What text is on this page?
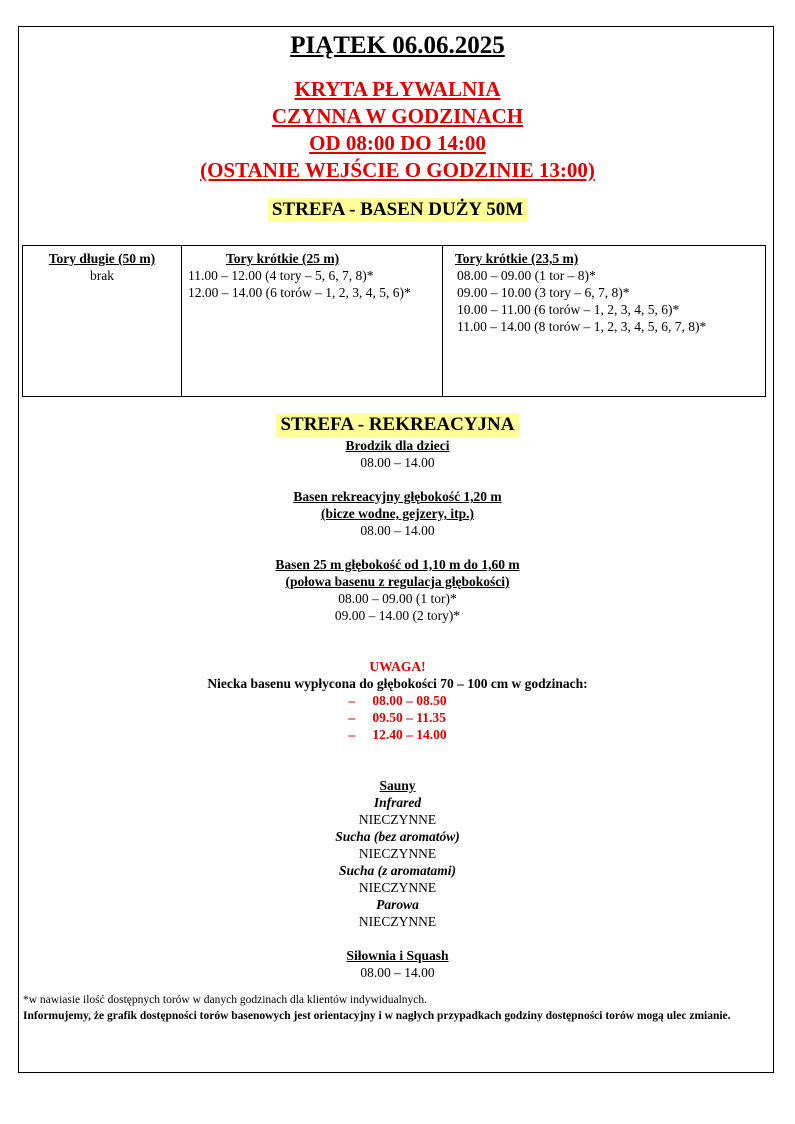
PIĄTEK 06.06.2025
KRYTA PŁYWALNIA
CZYNNA W GODZINACH
OD 08:00 DO 14:00
(OSTANIE WEJŚCIE O GODZINIE 13:00)
STREFA - BASEN DUŻY 50M
Tory długie (50 m)
brak

Tory krótkie (25 m)
11.00 – 12.00 (4 tory – 5, 6, 7, 8)*
12.00 – 14.00 (6 torów – 1, 2, 3, 4, 5, 6)*

Tory krótkie (23,5 m)
08.00 – 09.00 (1 tor – 8)*
09.00 – 10.00 (3 tory – 6, 7, 8)*
10.00 – 11.00 (6 torów – 1, 2, 3, 4, 5, 6)*
11.00 – 14.00 (8 torów – 1, 2, 3, 4, 5, 6, 7, 8)*
STREFA - REKREACYJNA
Brodzik dla dzieci
08.00 – 14.00
Basen rekreacyjny głębokość 1,20 m
(bicze wodne, gejzery, itp.)
08.00 – 14.00
Basen 25 m głębokość od 1,10 m do 1,60 m
(połowa basenu z regulacja głębokości)
08.00 – 09.00 (1 tor)*
09.00 – 14.00 (2 tory)*
UWAGA!
Niecka basenu wypłycona do głębokości 70 – 100 cm w godzinach:
– 08.00 – 08.50
– 09.50 – 11.35
– 12.40 – 14.00
Sauny
Infrared
NIECZYNNE
Sucha (bez aromatów)
NIECZYNNE
Sucha (z aromatami)
NIECZYNNE
Parowa
NIECZYNNE
Siłownia i Squash
08.00 – 14.00
*w nawiasie ilość dostępnych torów w danych godzinach dla klientów indywidualnych.
Informujemy, że grafik dostępności torów basenowych jest orientacyjny i w nagłych przypadkach godziny dostępności torów mogą ulec zmianie.
